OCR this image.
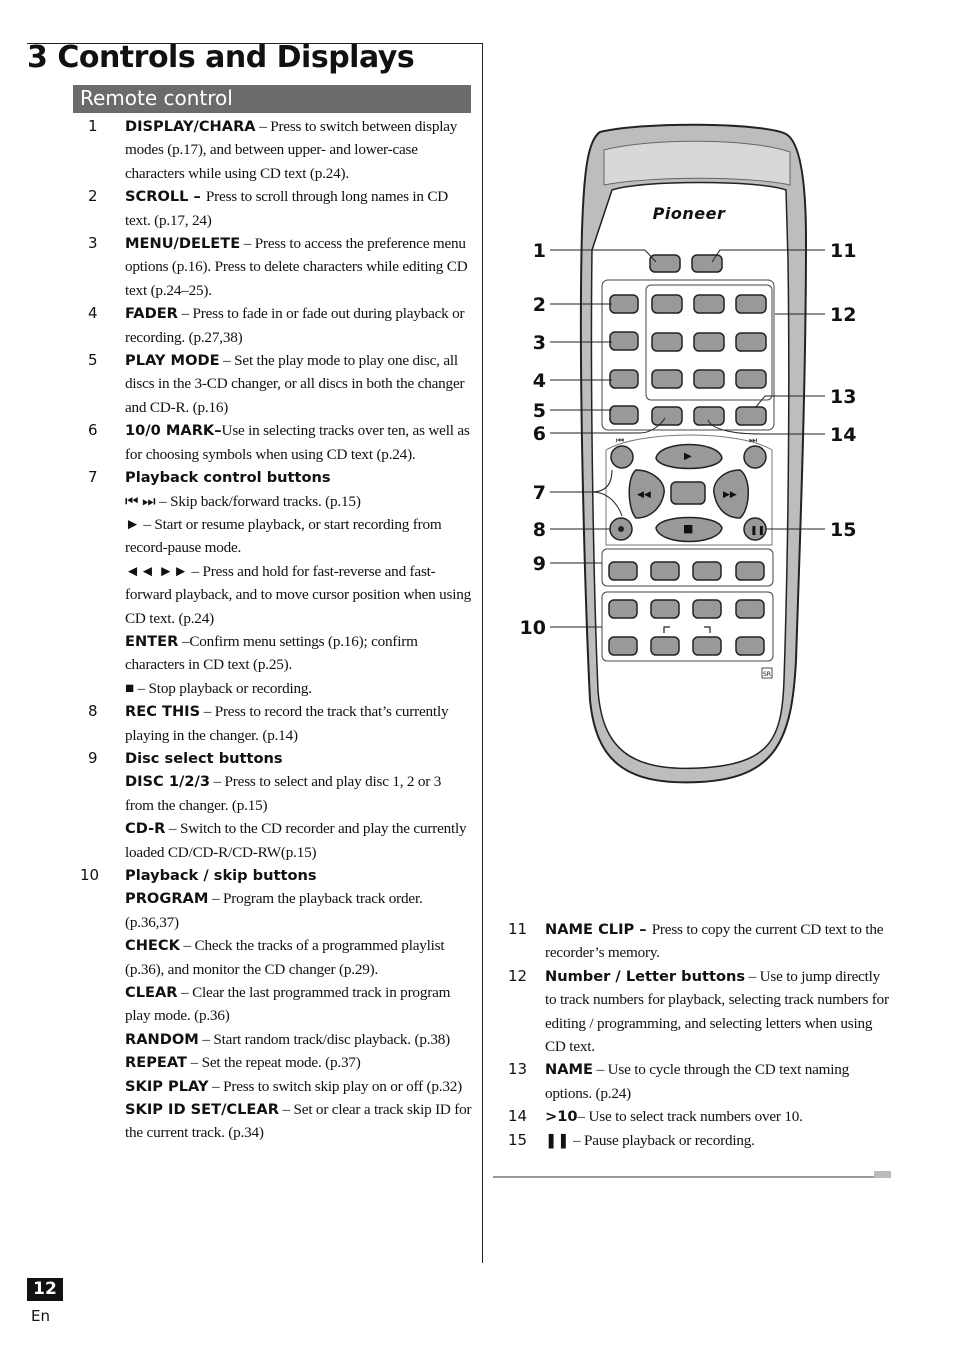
3 Controls and Displays
Remote control
1	DISPLAY/CHARA – Press to switch between display modes (p.17), and between upper- and lower-case characters while using CD text (p.24).

2	SCROLL – Press to scroll through long names in CD text. (p.17, 24)

3	MENU/DELETE – Press to access the preference menu options (p.16). Press to delete characters while editing CD text (p.24–25).

4	FADER – Press to fade in or fade out during playback or recording. (p.27,38)

5	PLAY MODE – Set the play mode to play one disc, all discs in the 3-CD changer, or all discs in both the changer and CD-R. (p.16)

6	10/0 MARK–Use in selecting tracks over ten, as well as for choosing symbols when using CD text (p.24).

7	Playback control buttons

⏮ ⏭ – Skip back/forward tracks. (p.15)

► – Start or resume playback, or start recording from record-pause mode.

◄◄ ►► – Press and hold for fast-reverse and fast-forward playback, and to move cursor position when using CD text. (p.24)

ENTER –Confirm menu settings (p.16); confirm characters in CD text (p.25).

■ – Stop playback or recording.

8	REC THIS – Press to record the track that’s currently playing in the changer. (p.14)

9	Disc select buttons

DISC 1/2/3 – Press to select and play disc 1, 2 or 3 from the changer. (p.15)

CD-R – Switch to the CD recorder and play the currently loaded CD/CD-R/CD-RW(p.15)

10	Playback / skip buttons

PROGRAM – Program the playback track order. (p.36,37)

CHECK – Check the tracks of a programmed playlist (p.36), and monitor the CD changer (p.29).

CLEAR – Clear the last programmed track in program play mode. (p.36)

RANDOM – Start random track/disc playback. (p.38)

REPEAT – Set the repeat mode. (p.37)

SKIP PLAY – Press to switch skip play on or off (p.32)

SKIP ID SET/CLEAR – Set or clear a track skip ID for the current track. (p.34)

11	NAME CLIP – Press to copy the current CD text to the recorder’s memory.

12	Number / Letter buttons – Use to jump directly to track numbers for playback, selecting track numbers for editing / programming, and selecting letters when using CD text.

13	NAME – Use to cycle through the CD text naming options. (p.24)

14	>10– Use to select track numbers over 10.

15	❚❚ – Pause playback or recording.

Pioneer
⏮	⏭
❚❚
▶
◀◀	▶▶
■
SR
1
2
3
4
5
6
7
8
9
10
11
12
13
14
15
12
En
